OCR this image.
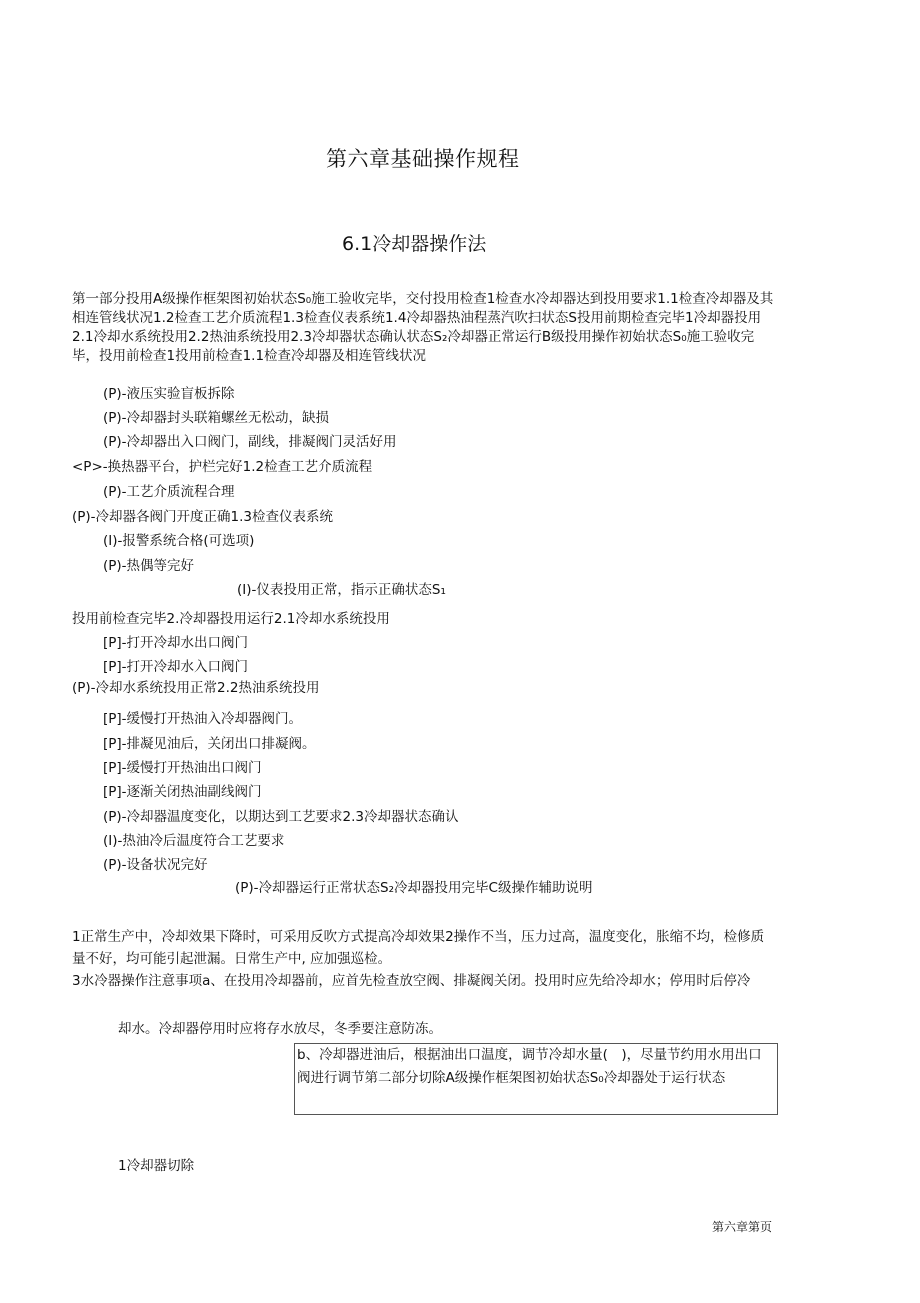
第六章基础操作规程
6.1冷却器操作法
第一部分投用A级操作框架图初始状态S₀施工验收完毕，交付投用检查1检查水冷却器达到投用要求1.1检查冷却器及其相连管线状况1.2检查工艺介质流程1.3检查仪表系统1.4冷却器热油程蒸汽吹扫状态S投用前期检查完毕1冷却器投用2.1冷却水系统投用2.2热油系统投用2.3冷却器状态确认状态S₂冷却器正常运行B级投用操作初始状态S₀施工验收完毕，投用前检查1投用前检查1.1检查冷却器及相连管线状况
(P)-液压实验盲板拆除
(P)-冷却器封头联箱螺丝无松动，缺损
(P)-冷却器出入口阀门，副线，排凝阀门灵活好用
<P>-换热器平台，护栏完好1.2检查工艺介质流程
(P)-工艺介质流程合理
(P)-冷却器各阀门开度正确1.3检查仪表系统
(I)-报警系统合格(可选项)
(P)-热偶等完好
(I)-仪表投用正常，指示正确状态S₁
投用前检查完毕2.冷却器投用运行2.1冷却水系统投用
[P]-打开冷却水出口阀门
[P]-打开冷却水入口阀门
(P)-冷却水系统投用正常2.2热油系统投用
[P]-缓慢打开热油入冷却器阀门。
[P]-排凝见油后，关闭出口排凝阀。
[P]-缓慢打开热油出口阀门
[P]-逐渐关闭热油副线阀门
(P)-冷却器温度变化，以期达到工艺要求2.3冷却器状态确认
(I)-热油冷后温度符合工艺要求
(P)-设备状况完好
(P)-冷却器运行正常状态S₂冷却器投用完毕C级操作辅助说明
1正常生产中，冷却效果下降时，可采用反吹方式提高冷却效果2操作不当，压力过高，温度变化，胀缩不均，检修质量不好，均可能引起泄漏。日常生产中, 应加强巡检。
3水冷器操作注意事项a、在投用冷却器前，应首先检查放空阀、排凝阀关闭。投用时应先给冷却水；停用时后停冷
却水。冷却器停用时应将存水放尽，冬季要注意防冻。
b、冷却器进油后，根据油出口温度，调节冷却水量(　)，尽量节约用水用出口阀进行调节第二部分切除A级操作框架图初始状态S₀冷却器处于运行状态
1冷却器切除
第六章第页
